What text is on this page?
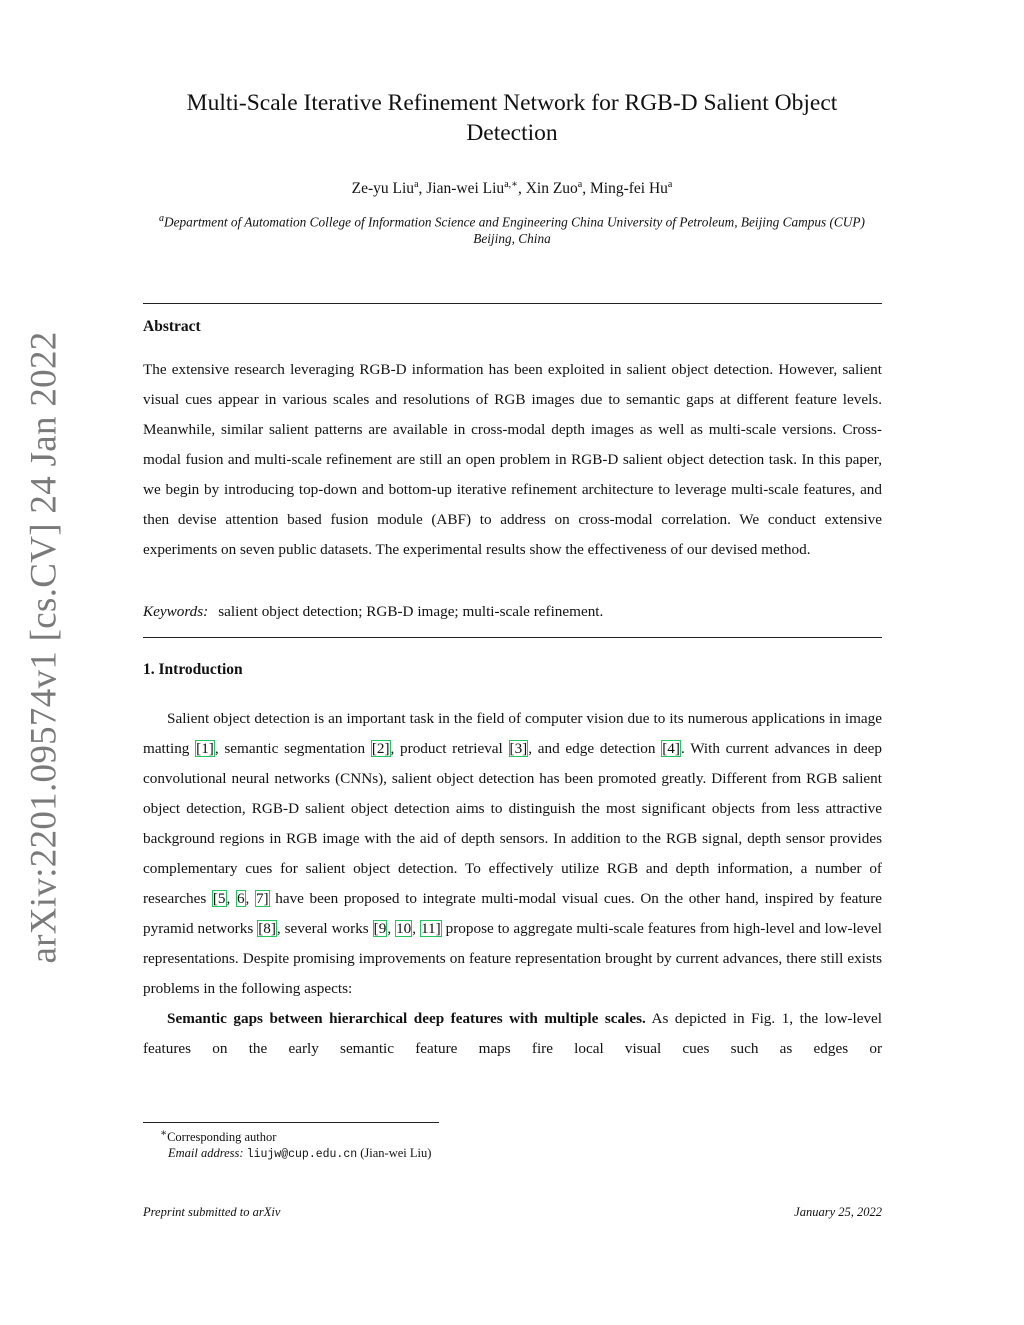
arXiv:2201.09574v1 [cs.CV] 24 Jan 2022
Multi-Scale Iterative Refinement Network for RGB-D Salient Object Detection
Ze-yu Liu$^a$, Jian-wei Liu$^{a,∗}$, Xin Zuo$^a$, Ming-fei Hu$^a$
$^a$Department of Automation College of Information Science and Engineering China University of Petroleum, Beijing Campus (CUP) Beijing, China
Abstract
The extensive research leveraging RGB-D information has been exploited in salient object detection. However, salient visual cues appear in various scales and resolutions of RGB images due to semantic gaps at different feature levels. Meanwhile, similar salient patterns are available in cross-modal depth images as well as multi-scale versions. Cross-modal fusion and multi-scale refinement are still an open problem in RGB-D salient object detection task. In this paper, we begin by introducing top-down and bottom-up iterative refinement architecture to leverage multi-scale features, and then devise attention based fusion module (ABF) to address on cross-modal correlation. We conduct extensive experiments on seven public datasets. The experimental results show the effectiveness of our devised method.
Keywords: salient object detection; RGB-D image; multi-scale refinement.
1. Introduction

Salient object detection is an important task in the field of computer vision due to its numerous applications in image matting [1], semantic segmentation [2], product retrieval [3], and edge detection [4]. With current advances in deep convolutional neural networks (CNNs), salient object detection has been promoted greatly. Different from RGB salient object detection, RGB-D salient object detection aims to distinguish the most significant objects from less attractive background regions in RGB image with the aid of depth sensors. In addition to the RGB signal, depth sensor provides complementary cues for salient object detection. To effectively utilize RGB and depth information, a number of researches [5, 6, 7] have been proposed to integrate multi-modal visual cues. On the other hand, inspired by feature pyramid networks [8], several works [9, 10, 11] propose to aggregate multi-scale features from high-level and low-level representations. Despite promising improvements on feature representation brought by current advances, there still exists problems in the following aspects:

Semantic gaps between hierarchical deep features with multiple scales. As depicted in Fig. 1, the low-level features on the early semantic feature maps fire local visual cues such as edges or

∗Corresponding author
Email address: liujw@cup.edu.cn (Jian-wei Liu)
Preprint submitted to arXiv	January 25, 2022
